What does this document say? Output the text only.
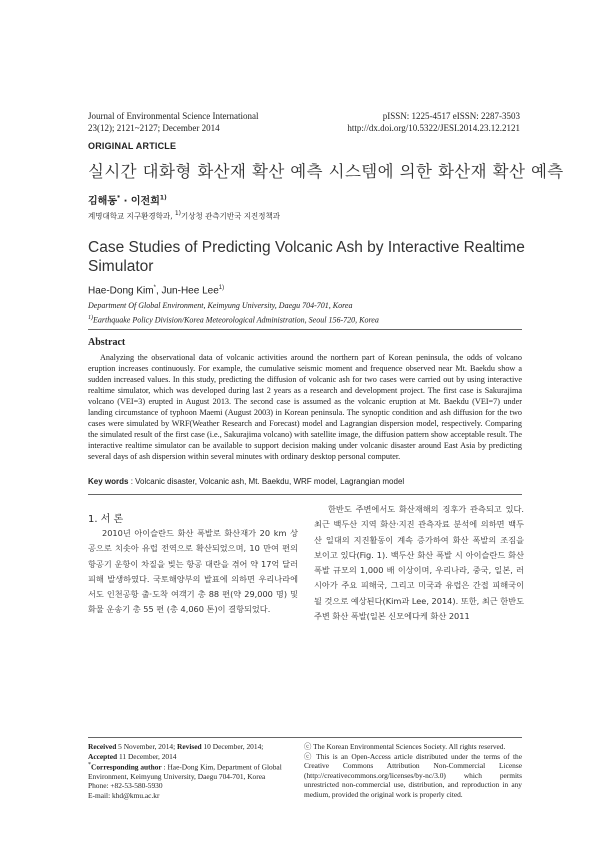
Journal of Environmental Science International
23(12); 2121~2127; December 2014
pISSN: 1225-4517 eISSN: 2287-3503
http://dx.doi.org/10.5322/JESI.2014.23.12.2121
ORIGINAL ARTICLE
실시간 대화형 화산재 확산 예측 시스템에 의한 화산재 확산 예측
김해동* · 이전희$^{1)}$
계명대학교 지구환경학과, $^{1)}$기상청 관측기반국 지진정책과
Case Studies of Predicting Volcanic Ash by Interactive Realtime Simulator
Hae-Dong Kim*, Jun-Hee Lee$^{1)}$
Department Of Global Environment, Keimyung University, Daegu 704-701, Korea
$^{1)}$Earthquake Policy Division/Korea Meteorological Administration, Seoul 156-720, Korea
Abstract
Analyzing the observational data of volcanic activities around the northern part of Korean peninsula, the odds of volcano eruption increases continuously. For example, the cumulative seismic moment and frequence observed near Mt. Baekdu show a sudden increased values. In this study, predicting the diffusion of volcanic ash for two cases were carried out by using interactive realtime simulator, which was developed during last 2 years as a research and development project. The first case is Sakurajima volcano (VEI=3) erupted in August 2013. The second case is assumed as the volcanic eruption at Mt. Baekdu (VEI=7) under landing circumstance of typhoon Maemi (August 2003) in Korean peninsula. The synoptic condition and ash diffusion for the two cases were simulated by WRF(Weather Research and Forecast) model and Lagrangian dispersion model, respectively. Comparing the simulated result of the first case (i.e., Sakurajima volcano) with satellite image, the diffusion pattern show acceptable result. The interactive realtime simulator can be available to support decision making under volcanic disaster around East Asia by predicting several days of ash dispersion within several minutes with ordinary desktop personal computer.
Key words : Volcanic disaster, Volcanic ash, Mt. Baekdu, WRF model, Lagrangian model
1. 서 론
2010년 아이슬란드 화산 폭발로 화산재가 20 km 상공으로 치솟아 유럽 전역으로 확산되었으며, 10 만여 편의 항공기 운항이 차질을 빚는 항공 대란을 겪어 약 17억 달러 피해 발생하였다. 국토해양부의 발표에 의하면 우리나라에서도 인천공항 출·도착 여객기 총 88 편(약 29,000 명) 및 화물 운송기 총 55 편 (총 4,060 톤)이 결항되었다.
한반도 주변에서도 화산재해의 징후가 관측되고 있다. 최근 백두산 지역 화산·지진 관측자료 분석에 의하면 백두산 일대의 지진활동이 계속 증가하여 화산 폭발의 조짐을 보이고 있다(Fig. 1). 백두산 화산 폭발 시 아이슬란드 화산 폭발 규모의 1,000 배 이상이며, 우리나라, 중국, 일본, 러시아가 주요 피해국, 그리고 미국과 유럽은 간접 피해국이 될 것으로 예상된다(Kim과 Lee, 2014). 또한, 최근 한반도 주변 화산 폭발(일본 신모에다케 화산 2011
Received 5 November, 2014; Revised 10 December, 2014;
Accepted 11 December, 2014
*Corresponding author : Hae-Dong Kim, Department of Global Environment, Keimyung University, Daegu 704-701, Korea
Phone: +82-53-580-5930
E-mail: khd@kmu.ac.kr
ⓒ The Korean Environmental Sciences Society. All rights reserved.
ⓒ This is an Open-Access article distributed under the terms of the Creative Commons Attribution Non-Commercial License (http://creativecommons.org/licenses/by-nc/3.0) which permits unrestricted non-commercial use, distribution, and reproduction in any medium, provided the original work is properly cited.
